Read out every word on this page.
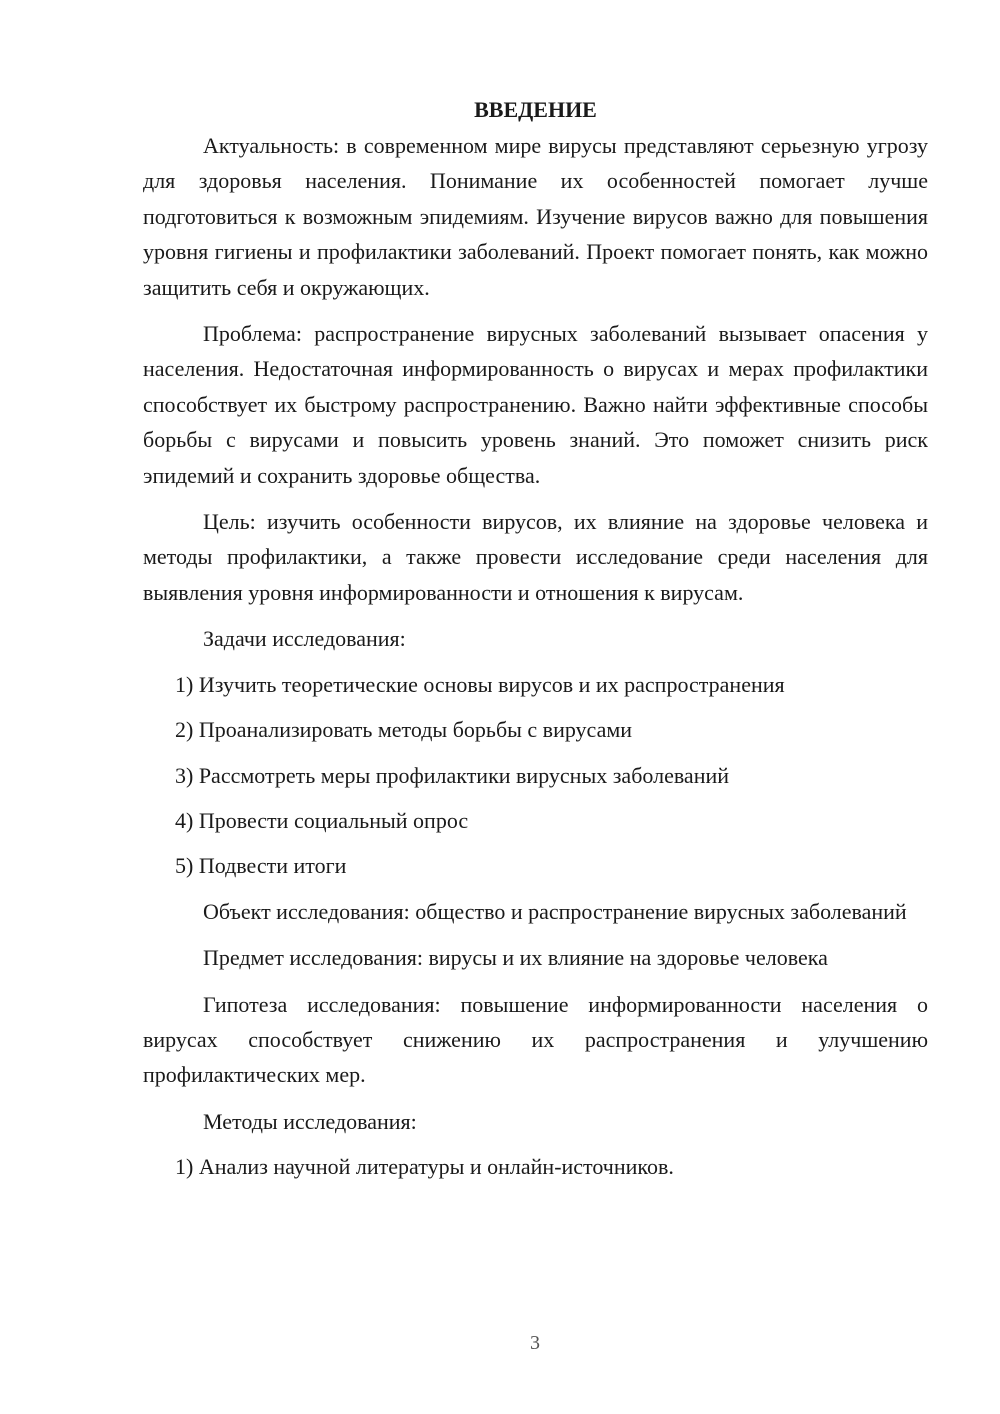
ВВЕДЕНИЕ

Актуальность: в современном мире вирусы представляют серьезную угрозу для здоровья населения. Понимание их особенностей помогает лучше подготовиться к возможным эпидемиям. Изучение вирусов важно для повышения уровня гигиены и профилактики заболеваний. Проект помогает понять, как можно защитить себя и окружающих.

Проблема: распространение вирусных заболеваний вызывает опасения у населения. Недостаточная информированность о вирусах и мерах профилактики способствует их быстрому распространению. Важно найти эффективные способы борьбы с вирусами и повысить уровень знаний. Это поможет снизить риск эпидемий и сохранить здоровье общества.

Цель: изучить особенности вирусов, их влияние на здоровье человека и методы профилактики, а также провести исследование среди населения для выявления уровня информированности и отношения к вирусам.

Задачи исследования:

1) Изучить теоретические основы вирусов и их распространения

2) Проанализировать методы борьбы с вирусами

3) Рассмотреть меры профилактики вирусных заболеваний

4) Провести социальный опрос

5) Подвести итоги

Объект исследования: общество и распространение вирусных заболеваний

Предмет исследования: вирусы и их влияние на здоровье человека

Гипотеза исследования: повышение информированности населения о вирусах способствует снижению их распространения и улучшению профилактических мер.

Методы исследования:

1) Анализ научной литературы и онлайн-источников.

3
